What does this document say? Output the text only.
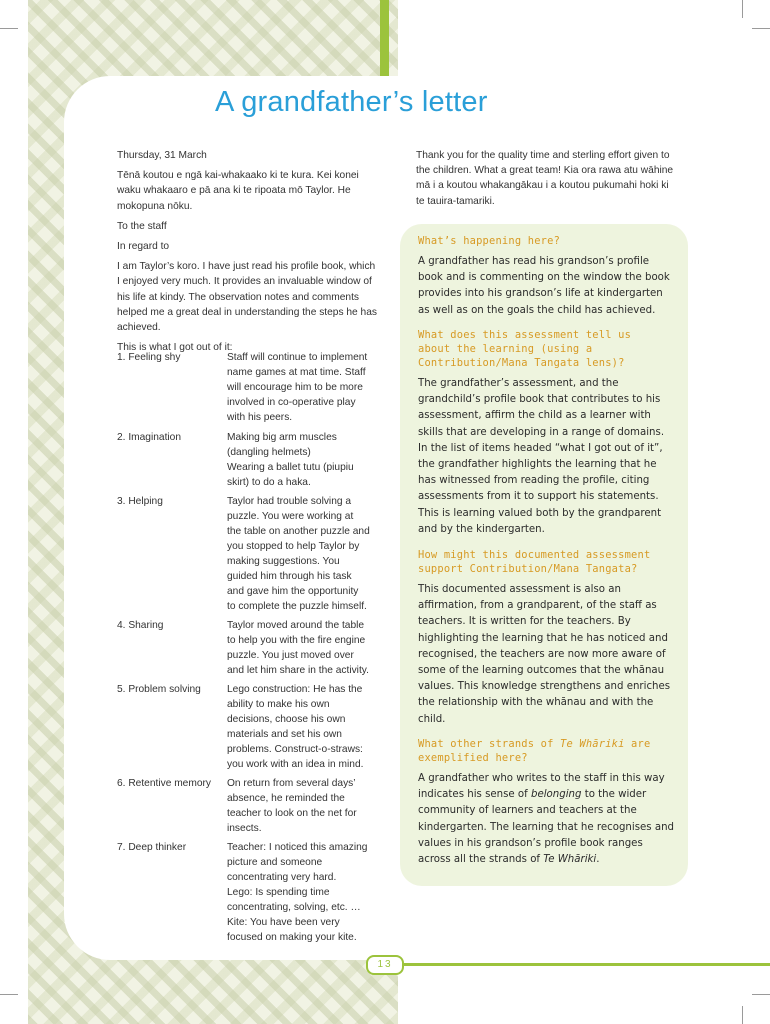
A grandfather’s letter

Thursday, 31 March

Tēnā koutou e ngā kai-whakaako ki te kura. Kei konei waku whakaaro e pā ana ki te ripoata mō Taylor. He mokopuna nōku.

To the staff

In regard to

I am Taylor’s koro. I have just read his profile book, which I enjoyed very much. It provides an invaluable window of his life at kindy. The observation notes and comments helped me a great deal in understanding the steps he has achieved.

This is what I got out of it:

1. Feeling shy	Staff will continue to implement
name games at mat time. Staff
will encourage him to be more
involved in co-operative play
with his peers.
2. Imagination	Making big arm muscles
(dangling helmets)
Wearing a ballet tutu (piupiu
skirt) to do a haka.
3. Helping	Taylor had trouble solving a
puzzle. You were working at
the table on another puzzle and
you stopped to help Taylor by
making suggestions. You
guided him through his task
and gave him the opportunity
to complete the puzzle himself.
4. Sharing	Taylor moved around the table
to help you with the fire engine
puzzle. You just moved over
and let him share in the activity.
5. Problem solving	Lego construction: He has the
ability to make his own
decisions, choose his own
materials and set his own
problems. Construct-o-straws:
you work with an idea in mind.
6. Retentive memory	On return from several days’
absence, he reminded the
teacher to look on the net for
insects.
7. Deep thinker	Teacher: I noticed this amazing
picture and someone
concentrating very hard.
Lego: Is spending time
concentrating, solving, etc. …
Kite: You have been very
focused on making your kite.
Thank you for the quality time and sterling effort given to the children. What a great team! Kia ora rawa atu wāhine mā i a koutou whakangākau i a koutou pukumahi hoki ki te tauira-tamariki.
What’s happening here?

A grandfather has read his grandson’s profile book and is commenting on the window the book provides into his grandson’s life at kindergarten as well as on the goals the child has achieved.

What does this assessment tell us about the learning (using a Contribution/Mana Tangata lens)?

The grandfather’s assessment, and the grandchild’s profile book that contributes to his assessment, affirm the child as a learner with skills that are developing in a range of domains. In the list of items headed “what I got out of it”, the grandfather highlights the learning that he has witnessed from reading the profile, citing assessments from it to support his statements. This is learning valued both by the grandparent and by the kindergarten.

How might this documented assessment support Contribution/Mana Tangata?

This documented assessment is also an affirmation, from a grandparent, of the staff as teachers. It is written for the teachers. By highlighting the learning that he has noticed and recognised, the teachers are now more aware of some of the learning outcomes that the whānau values. This knowledge strengthens and enriches the relationship with the whānau and with the child.

What other strands of Te Whāriki are exemplified here?

A grandfather who writes to the staff in this way indicates his sense of belonging to the wider community of learners and teachers at the kindergarten. The learning that he recognises and values in his grandson’s profile book ranges across all the strands of Te Whāriki.

13
